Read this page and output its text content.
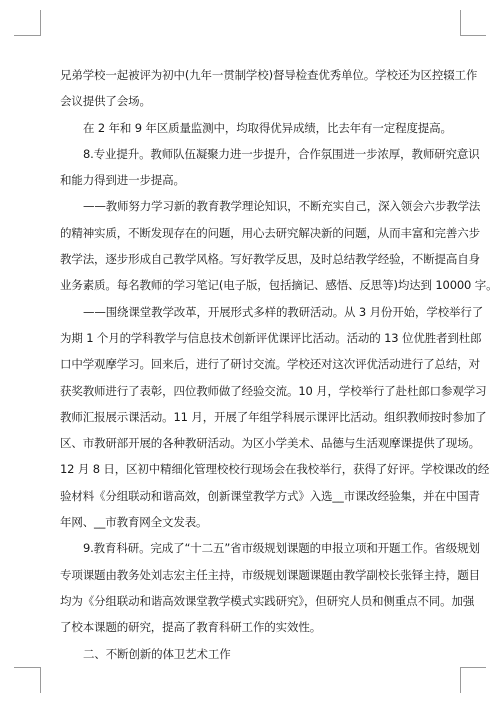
兄弟学校一起被评为初中(九年一贯制学校)督导检查优秀单位。学校还为区控辍工作
会议提供了会场。
在 2 年和 9 年区质量监测中，均取得优异成绩，比去年有一定程度提高。
8.专业提升。教师队伍凝聚力进一步提升，合作氛围进一步浓厚，教师研究意识
和能力得到进一步提高。
——教师努力学习新的教育教学理论知识，不断充实自己，深入领会六步教学法
的精神实质，不断发现存在的问题，用心去研究解决新的问题，从而丰富和完善六步
教学法，逐步形成自己教学风格。写好教学反思，及时总结教学经验，不断提高自身
业务素质。每名教师的学习笔记(电子版，包括摘记、感悟、反思等)均达到 10000 字。
——围绕课堂教学改革，开展形式多样的教研活动。从 3 月份开始，学校举行了
为期 1 个月的学科教学与信息技术创新评优课评比活动。活动的 13 位优胜者到杜郎
口中学观摩学习。回来后，进行了研讨交流。学校还对这次评优活动进行了总结，对
获奖教师进行了表彰，四位教师做了经验交流。10 月，学校举行了赴杜郎口参观学习
教师汇报展示课活动。11 月，开展了年组学科展示课评比活动。组织教师按时参加了
区、市教研部开展的各种教研活动。为区小学美术、品德与生活观摩课提供了现场。
12 月 8 日，区初中精细化管理校校行现场会在我校举行，获得了好评。学校课改的经
验材料《分组联动和谐高效，创新课堂教学方式》入选__市课改经验集，并在中国青
年网、__市教育网全文发表。
9.教育科研。完成了“十二五”省市级规划课题的申报立项和开题工作。省级规划
专项课题由教务处刘志宏主任主持，市级规划课题课题由教学副校长张铎主持，题目
均为《分组联动和谐高效课堂教学模式实践研究》，但研究人员和侧重点不同。加强
了校本课题的研究，提高了教育科研工作的实效性。
二、不断创新的体卫艺术工作
